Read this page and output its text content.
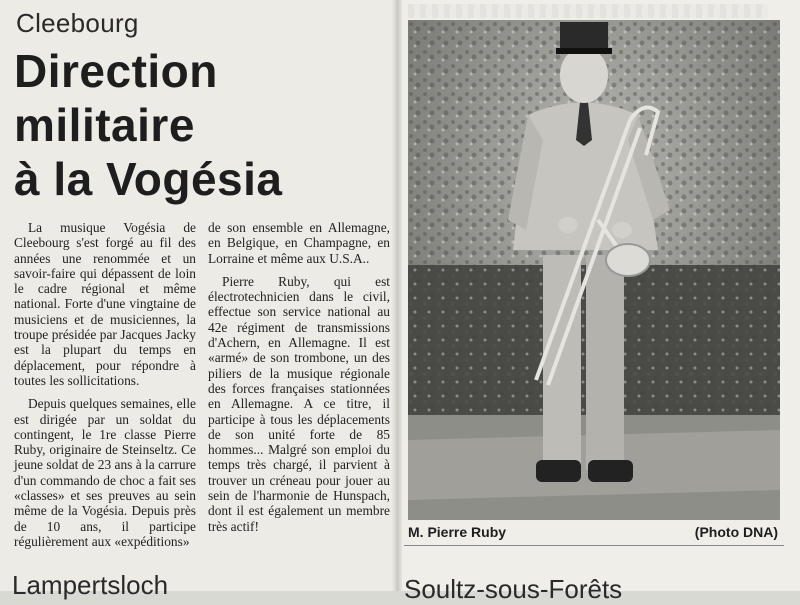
Cleebourg
Direction
militaire
à la Vogésia

La musique Vogésia de Cleebourg s'est forgé au fil des années une renommée et un savoir-faire qui dépassent de loin le cadre régional et même national. Forte d'une vingtaine de musiciens et de musiciennes, la troupe présidée par Jacques Jacky est la plupart du temps en déplacement, pour répondre à toutes les sollicitations.

Depuis quelques semaines, elle est dirigée par un soldat du contingent, le 1re classe Pierre Ruby, originaire de Steinseltz. Ce jeune soldat de 23 ans à la carrure d'un commando de choc a fait ses «classes» et ses preuves au sein même de la Vogésia. Depuis près de 10 ans, il participe régulièrement aux «expéditions»

de son ensemble en Allemagne, en Belgique, en Champagne, en Lorraine et même aux U.S.A..

Pierre Ruby, qui est électrotechnicien dans le civil, effectue son service national au 42e régiment de transmissions d'Achern, en Allemagne. Il est «armé» de son trombone, un des piliers de la musique régionale des forces françaises stationnées en Allemagne. A ce titre, il participe à tous les déplacements de son unité forte de 85 hommes... Malgré son emploi du temps très chargé, il parvient à trouver un créneau pour jouer au sein de l'harmonie de Hunspach, dont il est également un membre très actif!	M. Pierre Ruby	(Photo DNA)
Lampertsloch	Soultz-sous-Forêts
